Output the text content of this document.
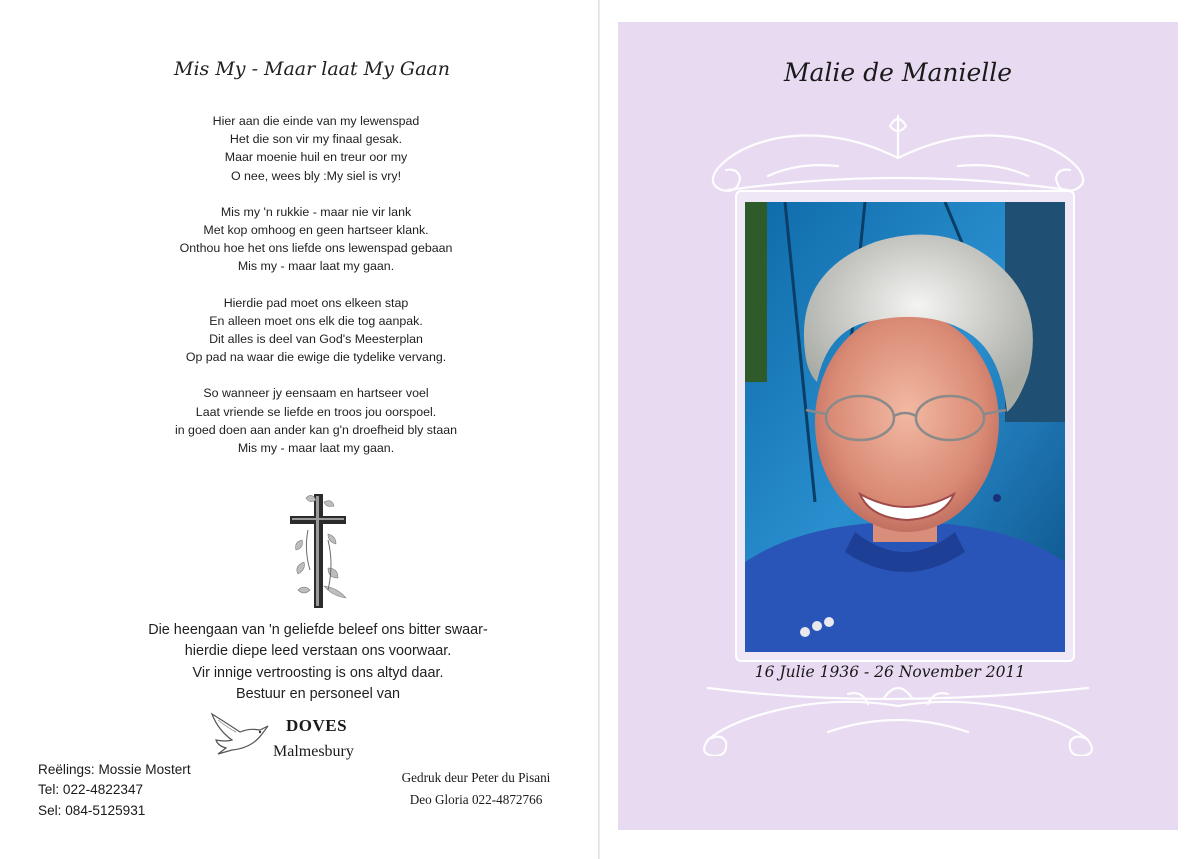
Mis My - Maar laat My Gaan
Hier aan die einde van my lewenspad
Het die son vir my finaal gesak.
Maar moenie huil en treur oor my
O nee, wees bly :My siel is vry!
Mis my 'n rukkie - maar nie vir lank
Met kop omhoog en geen hartseer klank.
Onthou hoe het ons liefde ons lewenspad gebaan
Mis my - maar laat my gaan.
Hierdie pad moet ons elkeen stap
En alleen moet ons elk die tog aanpak.
Dit alles is deel van God's Meesterplan
Op pad na waar die ewige die tydelike vervang.
So wanneer jy eensaam en hartseer voel
Laat vriende se liefde en troos jou oorspoel.
in goed doen aan ander kan g'n droefheid bly staan
Mis my - maar laat my gaan.
Die heengaan van 'n geliefde beleef ons bitter swaar-
hierdie diepe leed verstaan ons voorwaar.
Vir innige vertroosting is ons altyd daar.
Bestuur en personeel van
DOVES
Malmesbury
Reëlings: Mossie Mostert
Tel: 022-4822347
Sel: 084-5125931
Gedruk deur Peter du Pisani
Deo Gloria 022-4872766
Malie de Manielle
16 Julie 1936 - 26 November 2011
